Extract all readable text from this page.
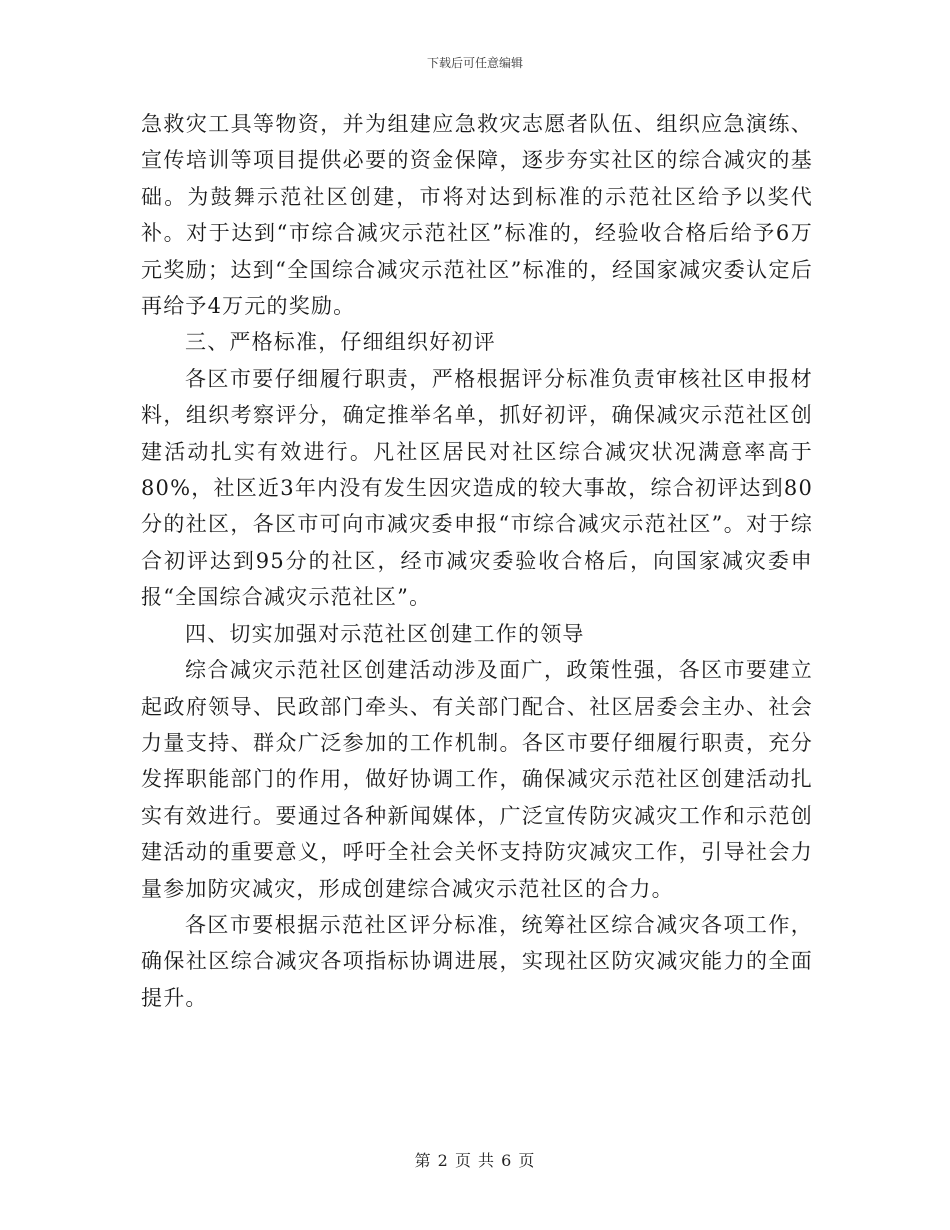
下载后可任意编辑

急救灾工具等物资，并为组建应急救灾志愿者队伍、组织应急演练、宣传培训等项目提供必要的资金保障，逐步夯实社区的综合减灾的基础。为鼓舞示范社区创建，市将对达到标准的示范社区给予以奖代补。对于达到“市综合减灾示范社区”标准的，经验收合格后给予6万元奖励；达到“全国综合减灾示范社区”标准的，经国家减灾委认定后再给予4万元的奖励。

三、严格标准，仔细组织好初评

各区市要仔细履行职责，严格根据评分标准负责审核社区申报材料，组织考察评分，确定推举名单，抓好初评，确保减灾示范社区创建活动扎实有效进行。凡社区居民对社区综合减灾状况满意率高于80%，社区近3年内没有发生因灾造成的较大事故，综合初评达到80分的社区，各区市可向市减灾委申报“市综合减灾示范社区”。对于综合初评达到95分的社区，经市减灾委验收合格后，向国家减灾委申报“全国综合减灾示范社区”。

四、切实加强对示范社区创建工作的领导

综合减灾示范社区创建活动涉及面广，政策性强，各区市要建立起政府领导、民政部门牵头、有关部门配合、社区居委会主办、社会力量支持、群众广泛参加的工作机制。各区市要仔细履行职责，充分发挥职能部门的作用，做好协调工作，确保减灾示范社区创建活动扎实有效进行。要通过各种新闻媒体，广泛宣传防灾减灾工作和示范创建活动的重要意义，呼吁全社会关怀支持防灾减灾工作，引导社会力量参加防灾减灾，形成创建综合减灾示范社区的合力。

各区市要根据示范社区评分标准，统筹社区综合减灾各项工作，确保社区综合减灾各项指标协调进展，实现社区防灾减灾能力的全面提升。

第 2 页 共 6 页
